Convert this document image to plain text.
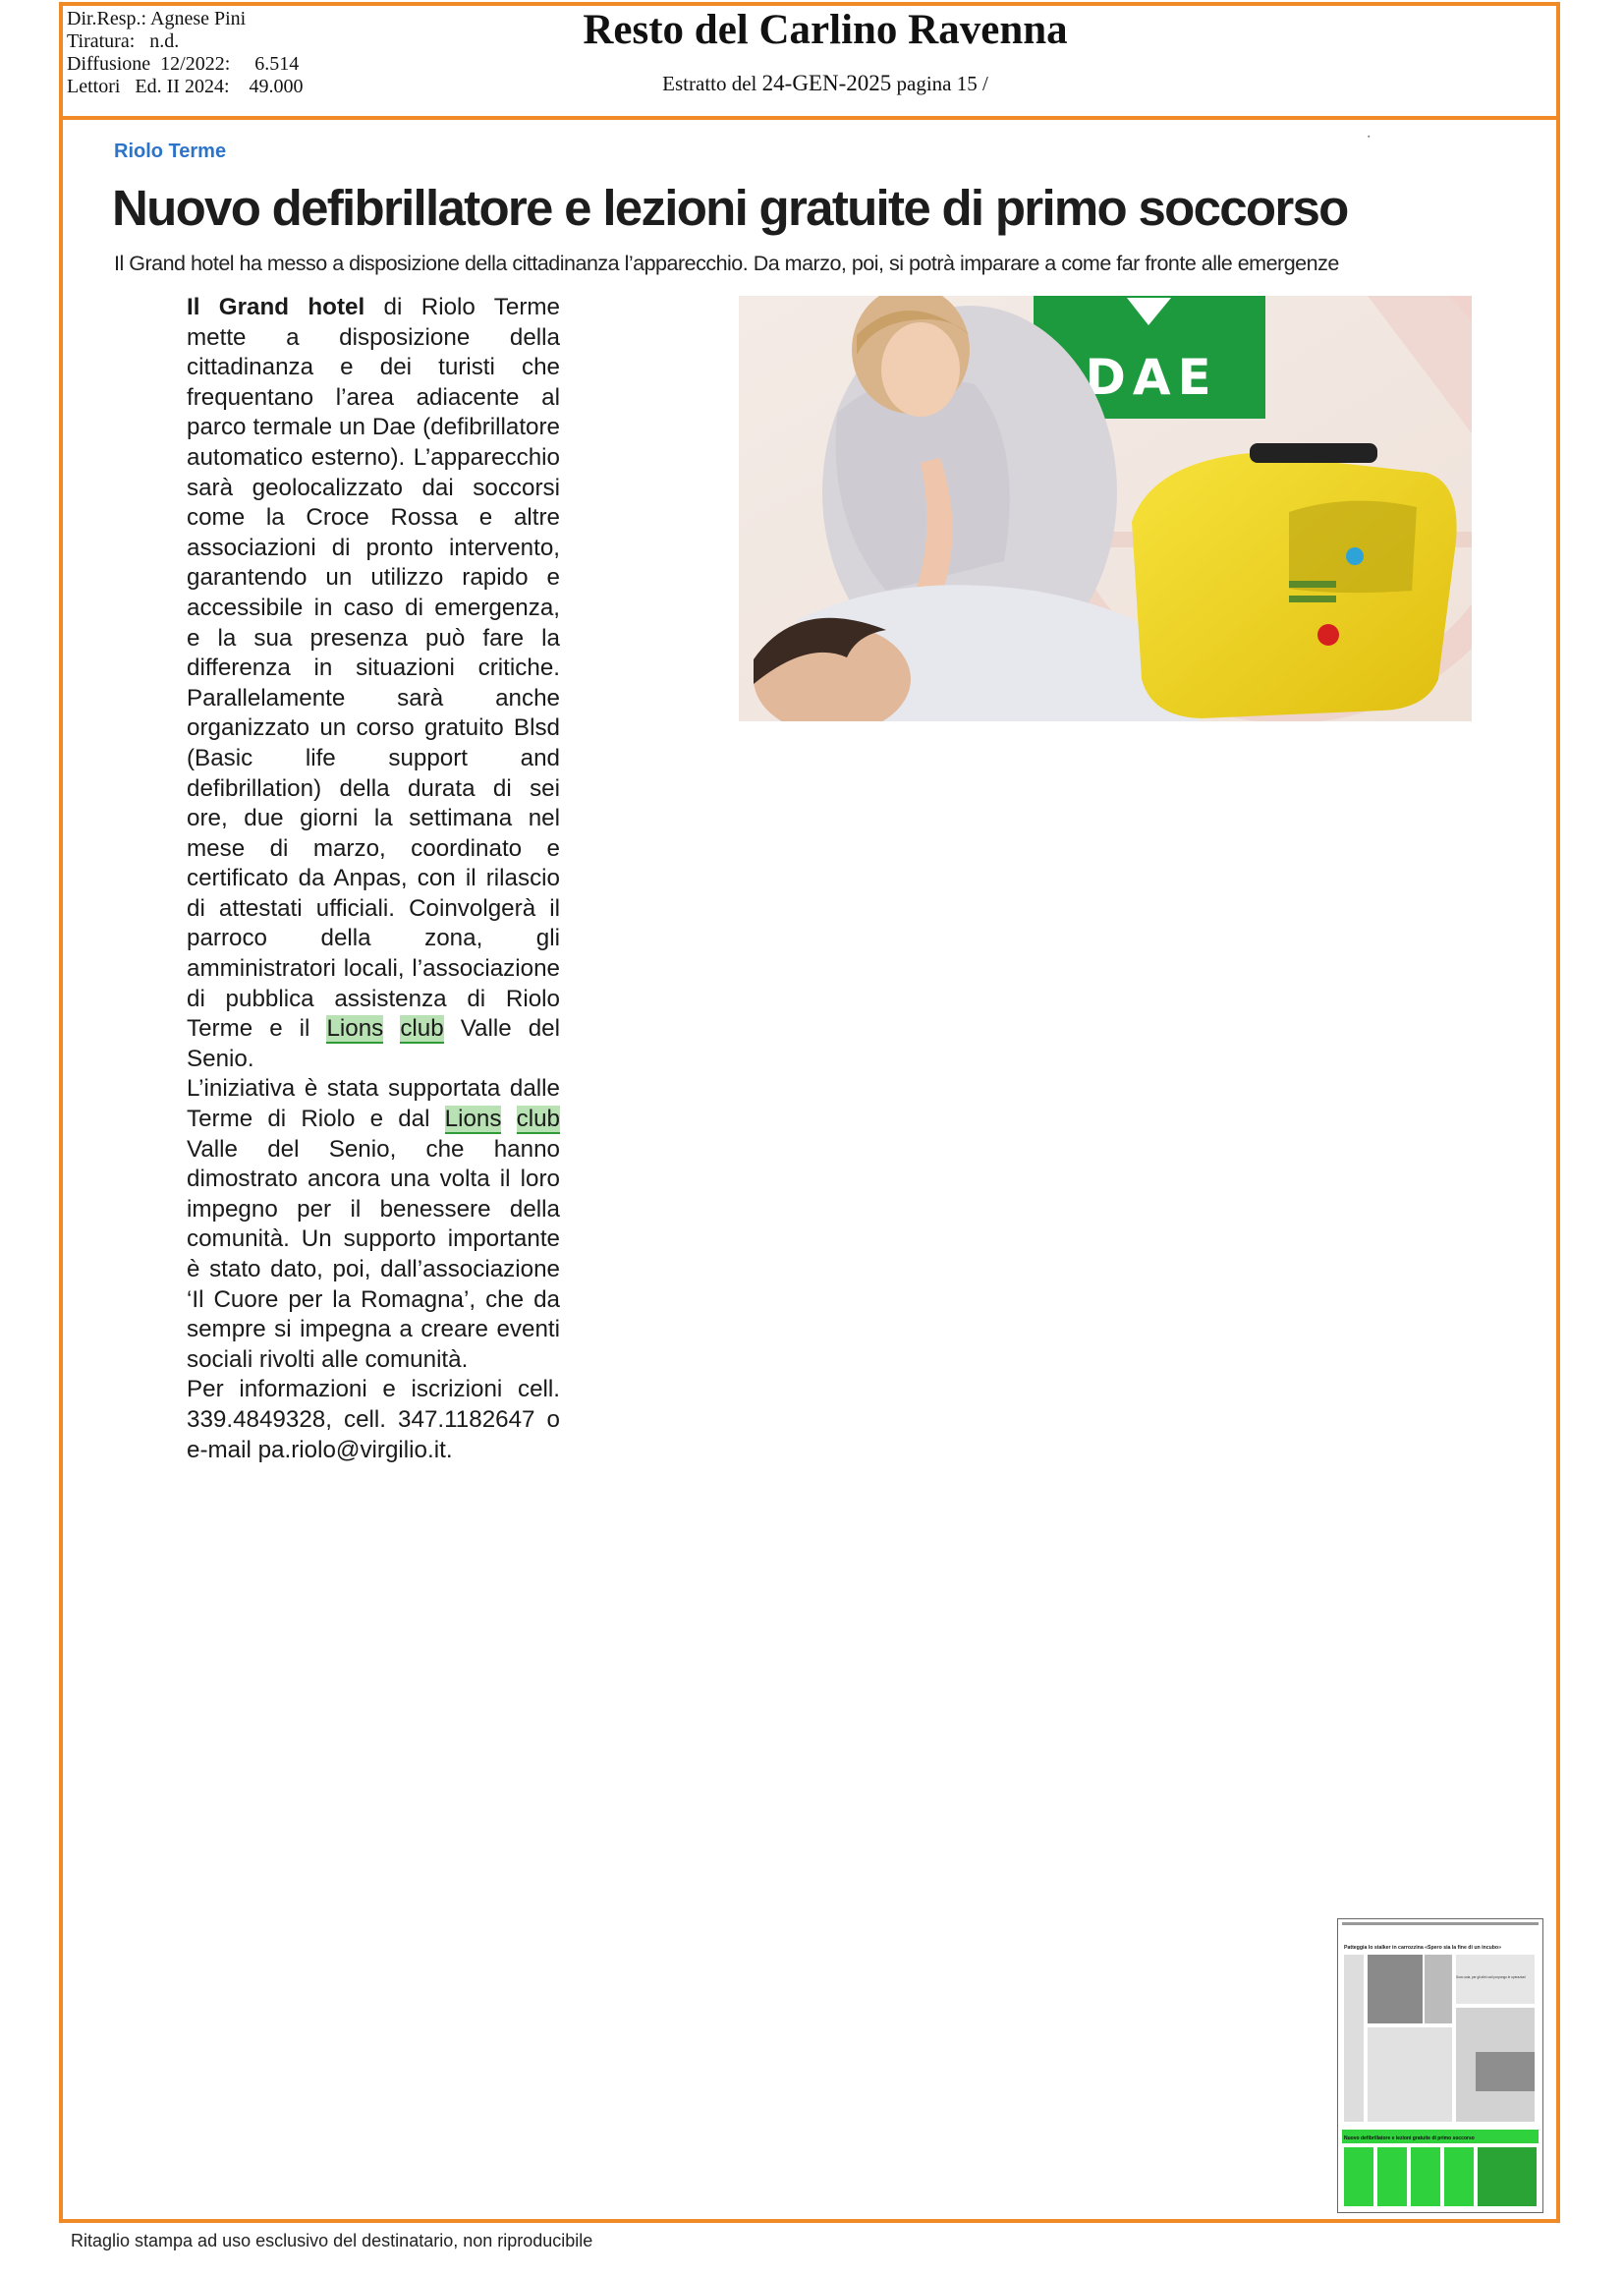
Dir.Resp.: Agnese Pini
Tiratura:   n.d.
Diffusione  12/2022:     6.514
Lettori   Ed. II 2024:    49.000
Resto del Carlino Ravenna
Estratto del 24-GEN-2025 pagina 15 /
▪
Riolo Terme
Nuovo defibrillatore e lezioni gratuite di primo soccorso
Il Grand hotel ha messo a disposizione della cittadinanza l’apparecchio. Da marzo, poi, si potrà imparare a come far fronte alle emergenze

Il Grand hotel di Riolo Terme mette a disposizione della cittadinanza e dei turisti che frequentano l’area adiacente al parco termale un Dae (defibrillatore automatico esterno). L’apparecchio sarà geolocalizzato dai soccorsi come la Croce Rossa e altre associazioni di pronto intervento, garantendo un utilizzo rapido e accessibile in caso di emergenza, e la sua presenza può fare la differenza in situazioni critiche. Parallelamente sarà anche organizzato un corso gratuito Blsd (Basic life support and defibrillation) della durata di sei ore, due giorni la settimana nel mese di marzo, coordinato e certificato da Anpas, con il rilascio di attestati ufficiali. Coinvolgerà il parroco della zona, gli amministratori locali, l’associazione di pubblica assistenza di Riolo Terme e il Lions club Valle del Senio.

L’iniziativa è stata supportata dalle Terme di Riolo e dal Lions club Valle del Senio, che hanno dimostrato ancora una volta il loro impegno per il benessere della comunità. Un supporto importante è stato dato, poi, dall’associazione ‘Il Cuore per la Romagna’, che da sempre si impegna a creare eventi sociali rivolti alle comunità.

Per informazioni e iscrizioni cell. 339.4849328, cell. 347.1182647 o e-mail pa.riolo@virgilio.it.

DAE
Patteggia lo stalker in carrozzina «Spero sia la fine di un incubo»
Sono sola, per gli altri ruoli propongo le operazioni
Nuovo defibrillatore e lezioni gratuite di primo soccorso
Ritaglio stampa ad uso esclusivo del destinatario, non riproducibile
